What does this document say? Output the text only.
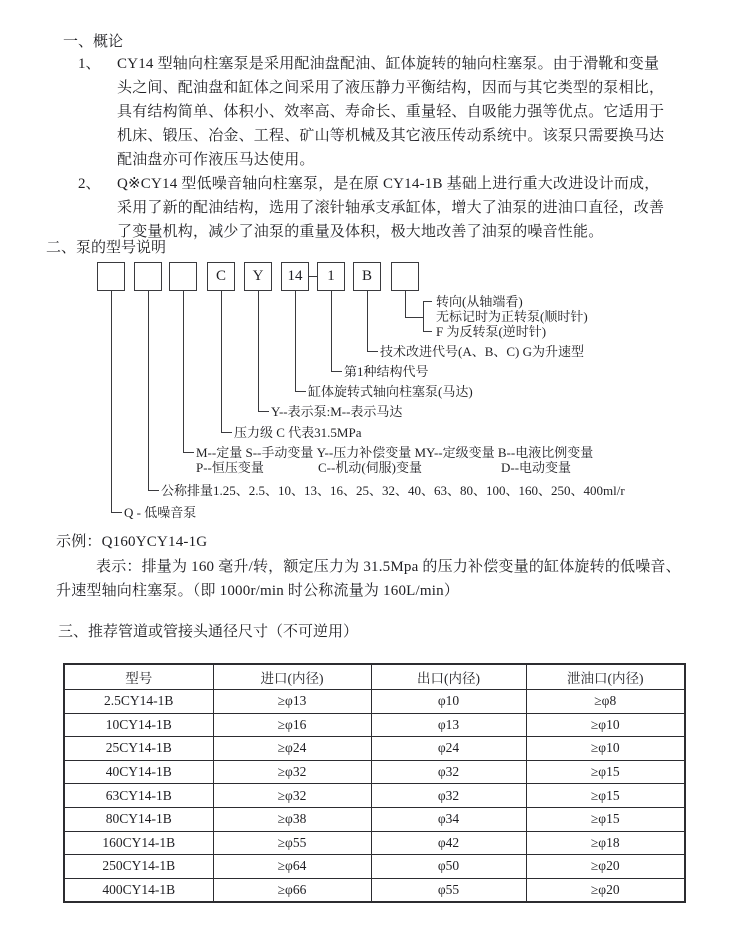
一、概论
1、 CY14 型轴向柱塞泵是采用配油盘配油、缸体旋转的轴向柱塞泵。由于滑靴和变量
头之间、配油盘和缸体之间采用了液压静力平衡结构，因而与其它类型的泵相比，
具有结构简单、体积小、效率高、寿命长、重量轻、自吸能力强等优点。它适用于
机床、锻压、冶金、工程、矿山等机械及其它液压传动系统中。该泵只需要换马达
配油盘亦可作液压马达使用。
2、 Q※CY14 型低噪音轴向柱塞泵，是在原 CY14-1B 基础上进行重大改进设计而成，
采用了新的配油结构，选用了滚针轴承支承缸体，增大了油泵的进油口直径，改善
了变量机构，减少了油泵的重量及体积，极大地改善了油泵的噪音性能。
二、泵的型号说明
C	Y	14	1	B
转向(从轴端看)
无标记时为正转泵(顺时针)
F 为反转泵(逆时针)
技术改进代号(A、B、C) G为升速型
第1种结构代号
缸体旋转式轴向柱塞泵(马达)
Y--表示泵:M--表示马达
压力级 C 代表31.5MPa
M--定量 S--手动变量 Y--压力补偿变量 MY--定级变量 B--电液比例变量
P--恒压变量	C--机动(伺服)变量	D--电动变量
公称排量1.25、2.5、10、13、16、25、32、40、63、80、100、160、250、400ml/r
Q - 低噪音泵
示例：Q160YCY14-1G
表示：排量为 160 毫升/转，额定压力为 31.5Mpa 的压力补偿变量的缸体旋转的低噪音、
升速型轴向柱塞泵。（即 1000r/min 时公称流量为 160L/min）
三、推荐管道或管接头通径尺寸（不可逆用）
型号	进口(内径)	出口(内径)	泄油口(内径)
2.5CY14-1B	≥φ13	φ10	≥φ8
10CY14-1B	≥φ16	φ13	≥φ10
25CY14-1B	≥φ24	φ24	≥φ10
40CY14-1B	≥φ32	φ32	≥φ15
63CY14-1B	≥φ32	φ32	≥φ15
80CY14-1B	≥φ38	φ34	≥φ15
160CY14-1B	≥φ55	φ42	≥φ18
250CY14-1B	≥φ64	φ50	≥φ20
400CY14-1B	≥φ66	φ55	≥φ20
